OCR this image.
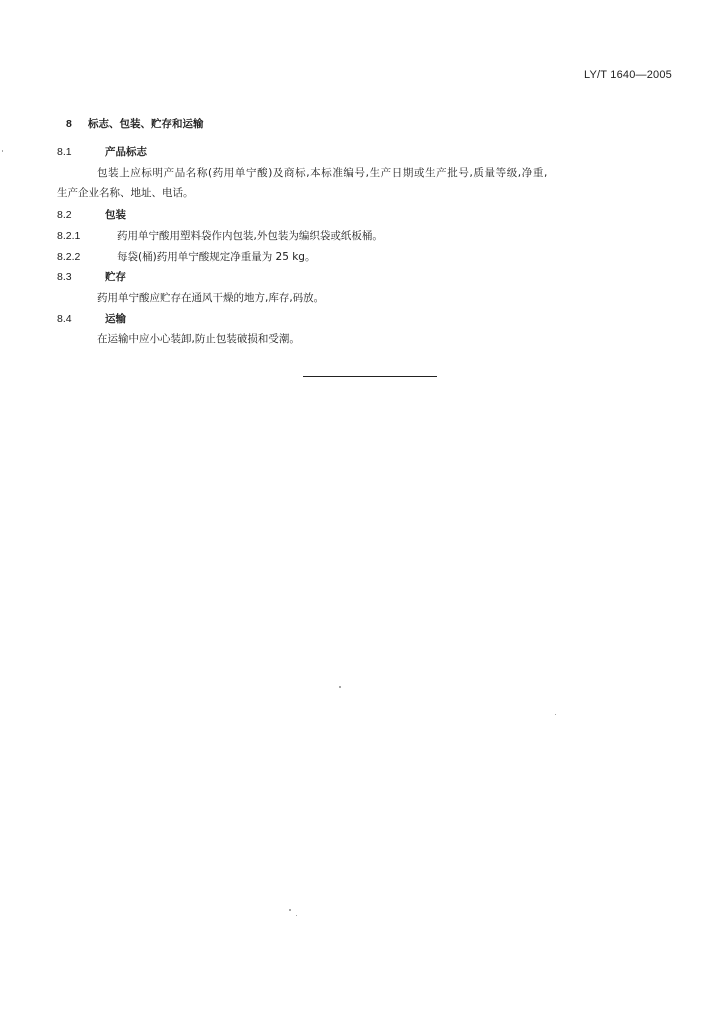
LY/T 1640—2005
8 标志、包装、贮存和运输
8.1	产品标志
包装上应标明产品名称(药用单宁酸)及商标,本标准编号,生产日期或生产批号,质量等级,净重,
生产企业名称、地址、电话。
8.2	包装
8.2.1	药用单宁酸用塑料袋作内包装,外包装为编织袋或纸板桶。
8.2.2	每袋(桶)药用单宁酸规定净重量为 25 kg。
8.3	贮存
药用单宁酸应贮存在通风干燥的地方,库存,码放。
8.4	运输
在运输中应小心装卸,防止包装破损和受潮。
